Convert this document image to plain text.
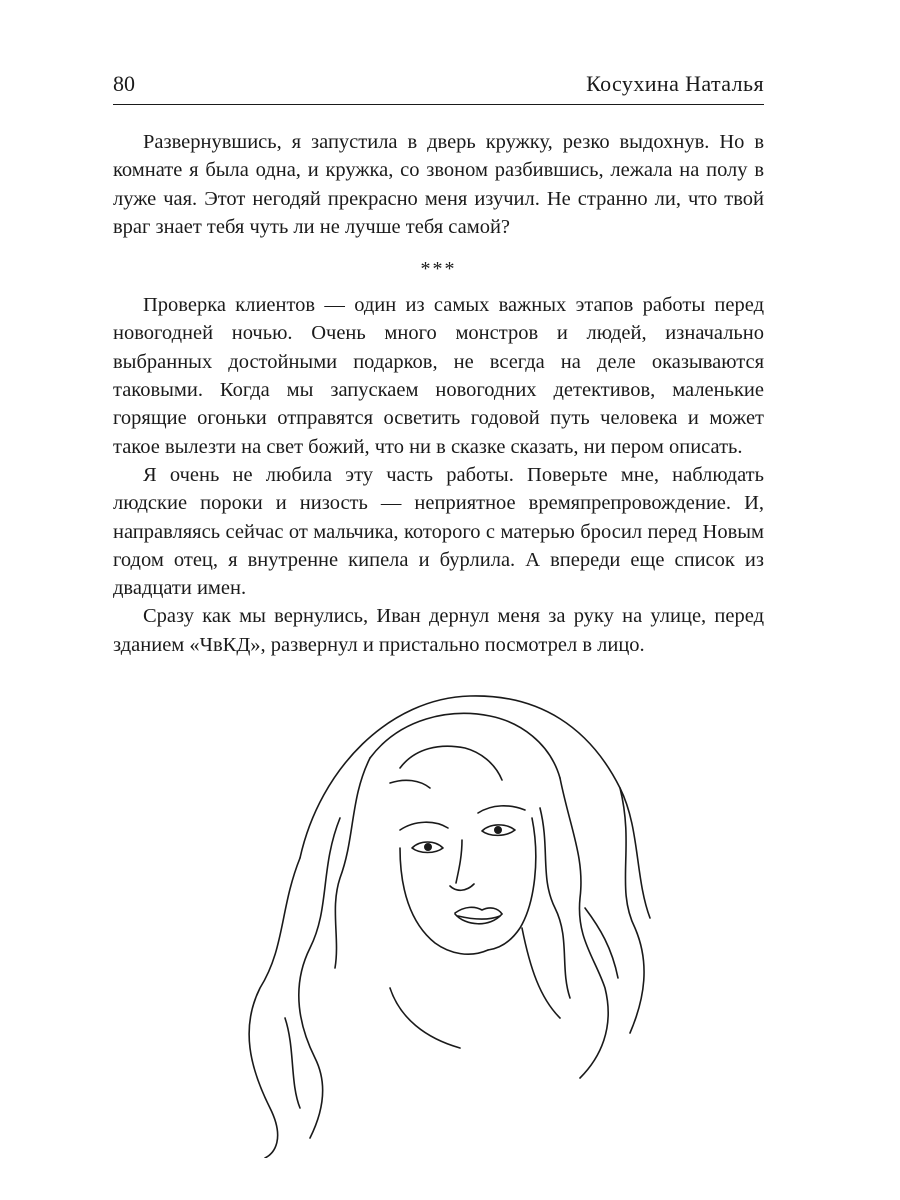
80	Косухина Наталья

Развернувшись, я запустила в дверь кружку, резко выдохнув. Но в комнате я была одна, и кружка, со звоном разбившись, лежала на полу в луже чая. Этот негодяй прекрасно меня изучил. Не странно ли, что твой враг знает тебя чуть ли не лучше тебя самой?

***

Проверка клиентов — один из самых важных этапов работы перед новогодней ночью. Очень много монстров и людей, изначально выбранных достойными подарков, не всегда на деле оказываются таковыми. Когда мы запускаем новогодних детективов, маленькие горящие огоньки отправятся осветить годовой путь человека и может такое вылезти на свет божий, что ни в сказке сказать, ни пером описать.

Я очень не любила эту часть работы. Поверьте мне, наблюдать людские пороки и низость — неприятное времяпрепровождение. И, направляясь сейчас от мальчика, которого с матерью бросил перед Новым годом отец, я внутренне кипела и бурлила. А впереди еще список из двадцати имен.

Сразу как мы вернулись, Иван дернул меня за руку на улице, перед зданием «ЧвКД», развернул и пристально посмотрел в лицо.
